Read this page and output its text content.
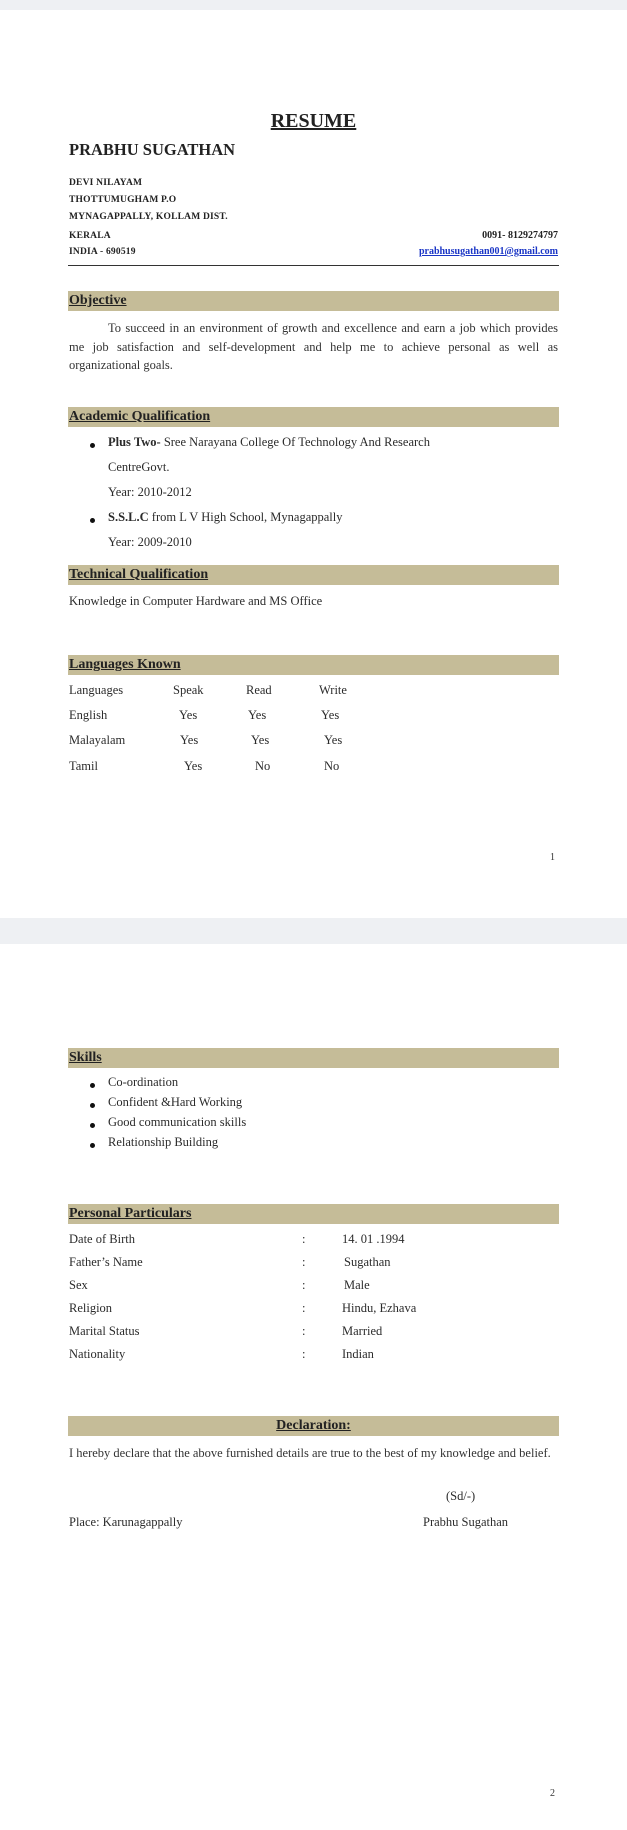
RESUME
PRABHU SUGATHAN
DEVI NILAYAM
THOTTUMUGHAM P.O
MYNAGAPPALLY, KOLLAM DIST.
KERALA
INDIA - 690519
0091- 8129274797
prabhusugathan001@gmail.com
Objective
To succeed in an environment of growth and excellence and earn a job which provides me job satisfaction and self-development and help me to achieve personal as well as organizational goals.
Academic Qualification
Plus Two- Sree Narayana College Of Technology And Research
CentreGovt.
Year: 2010-2012
S.S.L.C from L V High School, Mynagappally
Year: 2009-2010
Technical Qualification
Knowledge in Computer Hardware and MS Office
Languages Known
Languages	Speak	Read	Write
English	Yes	Yes	Yes
Malayalam	Yes	Yes	Yes
Tamil	Yes	No	No
1
Skills
Co-ordination
Confident &Hard Working
Good communication skills
Relationship Building
Personal Particulars
Date of Birth	:	14. 01 .1994
Father’s Name	:	Sugathan
Sex	:	Male
Religion	:	Hindu, Ezhava
Marital Status	:	Married
Nationality	:	Indian
Declaration:
I hereby declare that the above furnished details are true to the best of my knowledge and belief.
(Sd/-)
Place: Karunagappally	Prabhu Sugathan
2
